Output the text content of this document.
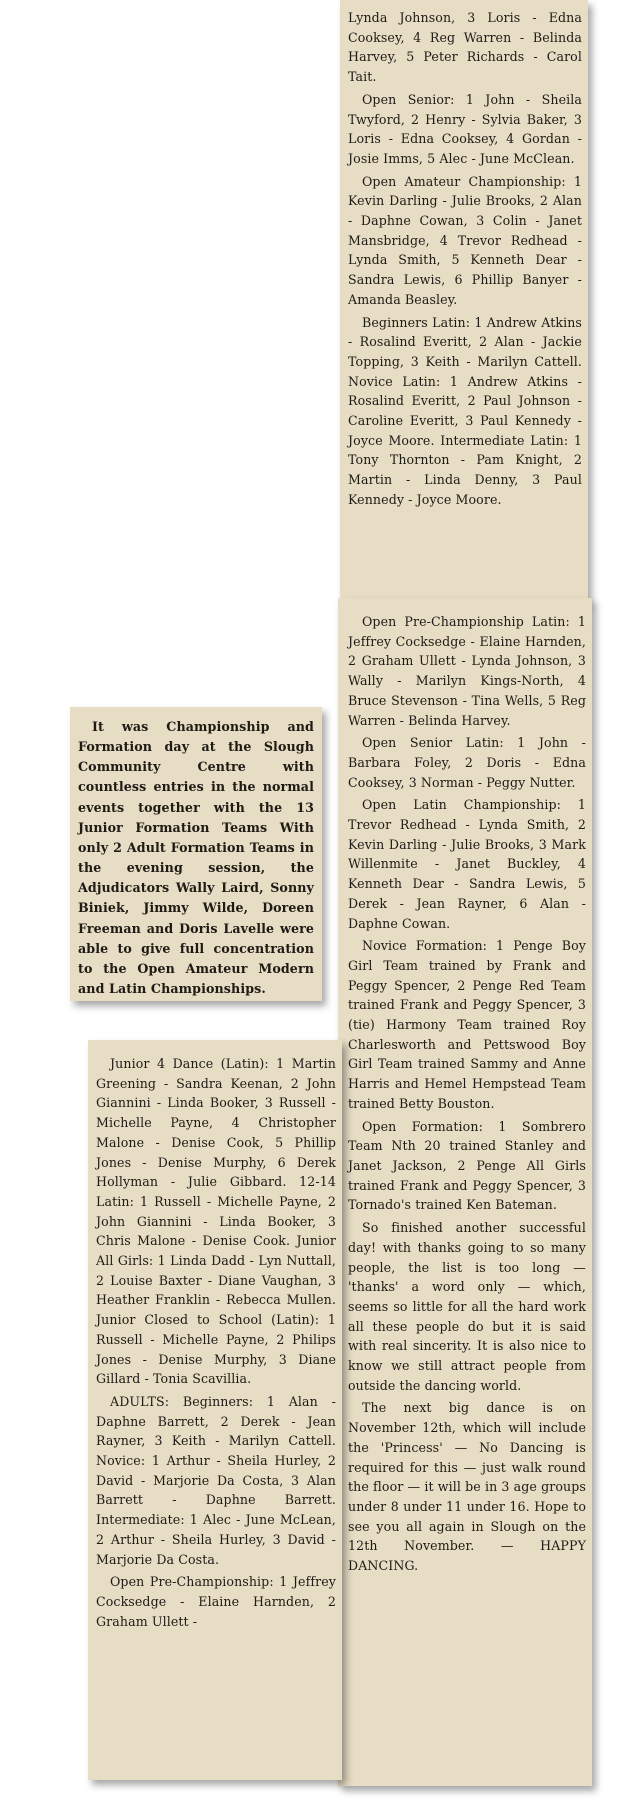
Lynda Johnson, 3 Loris - Edna Cooksey, 4 Reg Warren - Belinda Harvey, 5 Peter Richards - Carol Tait.

Open Senior: 1 John - Sheila Twyford, 2 Henry - Sylvia Baker, 3 Loris - Edna Cooksey, 4 Gordan - Josie Imms, 5 Alec - June McClean.

Open Amateur Championship: 1 Kevin Darling - Julie Brooks, 2 Alan - Daphne Cowan, 3 Colin - Janet Mansbridge, 4 Trevor Redhead - Lynda Smith, 5 Kenneth Dear - Sandra Lewis, 6 Phillip Banyer - Amanda Beasley.

Beginners Latin: 1 Andrew Atkins - Rosalind Everitt, 2 Alan - Jackie Topping, 3 Keith - Marilyn Cattell. Novice Latin: 1 Andrew Atkins - Rosalind Everitt, 2 Paul Johnson - Caroline Everitt, 3 Paul Kennedy - Joyce Moore. Intermediate Latin: 1 Tony Thornton - Pam Knight, 2 Martin - Linda Denny, 3 Paul Kennedy - Joyce Moore.

Open Pre-Championship Latin: 1 Jeffrey Cocksedge - Elaine Harnden, 2 Graham Ullett - Lynda Johnson, 3 Wally - Marilyn Kings-North, 4 Bruce Stevenson - Tina Wells, 5 Reg Warren - Belinda Harvey.

Open Senior Latin: 1 John - Barbara Foley, 2 Doris - Edna Cooksey, 3 Norman - Peggy Nutter.

Open Latin Championship: 1 Trevor Redhead - Lynda Smith, 2 Kevin Darling - Julie Brooks, 3 Mark Willenmite - Janet Buckley, 4 Kenneth Dear - Sandra Lewis, 5 Derek - Jean Rayner, 6 Alan - Daphne Cowan.

Novice Formation: 1 Penge Boy Girl Team trained by Frank and Peggy Spencer, 2 Penge Red Team trained Frank and Peggy Spencer, 3 (tie) Harmony Team trained Roy Charlesworth and Pettswood Boy Girl Team trained Sammy and Anne Harris and Hemel Hempstead Team trained Betty Bouston.

Open Formation: 1 Sombrero Team Nth 20 trained Stanley and Janet Jackson, 2 Penge All Girls trained Frank and Peggy Spencer, 3 Tornado's trained Ken Bateman.

So finished another successful day! with thanks going to so many people, the list is too long — 'thanks' a word only — which, seems so little for all the hard work all these people do but it is said with real sincerity. It is also nice to know we still attract people from outside the dancing world.

The next big dance is on November 12th, which will include the 'Princess' — No Dancing is required for this — just walk round the floor — it will be in 3 age groups under 8 under 11 under 16. Hope to see you all again in Slough on the 12th November. — HAPPY DANCING.

It was Championship and Formation day at the Slough Community Centre with countless entries in the normal events together with the 13 Junior Formation Teams With only 2 Adult Formation Teams in the evening session, the Adjudicators Wally Laird, Sonny Biniek, Jimmy Wilde, Doreen Freeman and Doris Lavelle were able to give full concentration to the Open Amateur Modern and Latin Championships.

Junior 4 Dance (Latin): 1 Martin Greening - Sandra Keenan, 2 John Giannini - Linda Booker, 3 Russell - Michelle Payne, 4 Christopher Malone - Denise Cook, 5 Phillip Jones - Denise Murphy, 6 Derek Hollyman - Julie Gibbard. 12-14 Latin: 1 Russell - Michelle Payne, 2 John Giannini - Linda Booker, 3 Chris Malone - Denise Cook. Junior All Girls: 1 Linda Dadd - Lyn Nuttall, 2 Louise Baxter - Diane Vaughan, 3 Heather Franklin - Rebecca Mullen. Junior Closed to School (Latin): 1 Russell - Michelle Payne, 2 Philips Jones - Denise Murphy, 3 Diane Gillard - Tonia Scavillia.

ADULTS: Beginners: 1 Alan - Daphne Barrett, 2 Derek - Jean Rayner, 3 Keith - Marilyn Cattell. Novice: 1 Arthur - Sheila Hurley, 2 David - Marjorie Da Costa, 3 Alan Barrett - Daphne Barrett. Intermediate: 1 Alec - June McLean, 2 Arthur - Sheila Hurley, 3 David - Marjorie Da Costa.

Open Pre-Championship: 1 Jeffrey Cocksedge - Elaine Harnden, 2 Graham Ullett -
